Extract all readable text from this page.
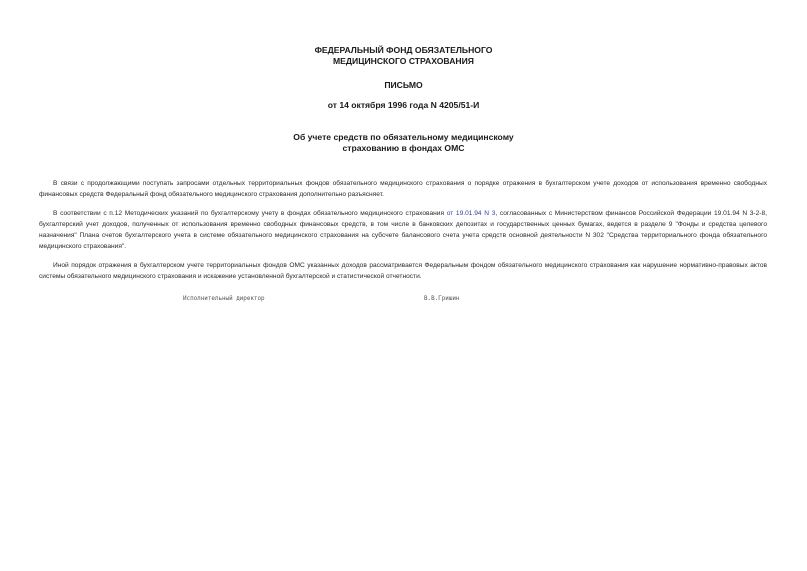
ФЕДЕРАЛЬНЫЙ ФОНД ОБЯЗАТЕЛЬНОГО
МЕДИЦИНСКОГО СТРАХОВАНИЯ
ПИСЬМО
от 14 октября 1996 года N 4205/51-И
Об учете средств по обязательному медицинскому
страхованию в фондах ОМС

В связи с продолжающими поступать запросами отдельных территориальных фондов обязательного медицинского страхования о порядке отражения в бухгалтерском учете доходов от использования временно свободных финансовых средств Федеральный фонд обязательного медицинского страхования дополнительно разъясняет.

В соответствии с п.12 Методических указаний по бухгалтерскому учету в фондах обязательного медицинского страхования от 19.01.94 N 3, согласованных с Министерством финансов Российской Федерации 19.01.94 N 3-2-8, бухгалтерский учет доходов, полученных от использования временно свободных финансовых средств, в том числе в банковских депозитах и государственных ценных бумагах, ведется в разделе 9 "Фонды и средства целевого назначения" Плана счетов бухгалтерского учета в системе обязательного медицинского страхования на субсчете балансового счета учета средств основной деятельности N 302 "Средства территориального фонда обязательного медицинского страхования".

Иной порядок отражения в бухгалтерском учете территориальных фондов ОМС указанных доходов рассматривается Федеральным фондом обязательного медицинского страхования как нарушение нормативно-правовых актов системы обязательного медицинского страхования и искажение установленной бухгалтерской и статистической отчетности.

Исполнительный директор	В.В.Гришин
